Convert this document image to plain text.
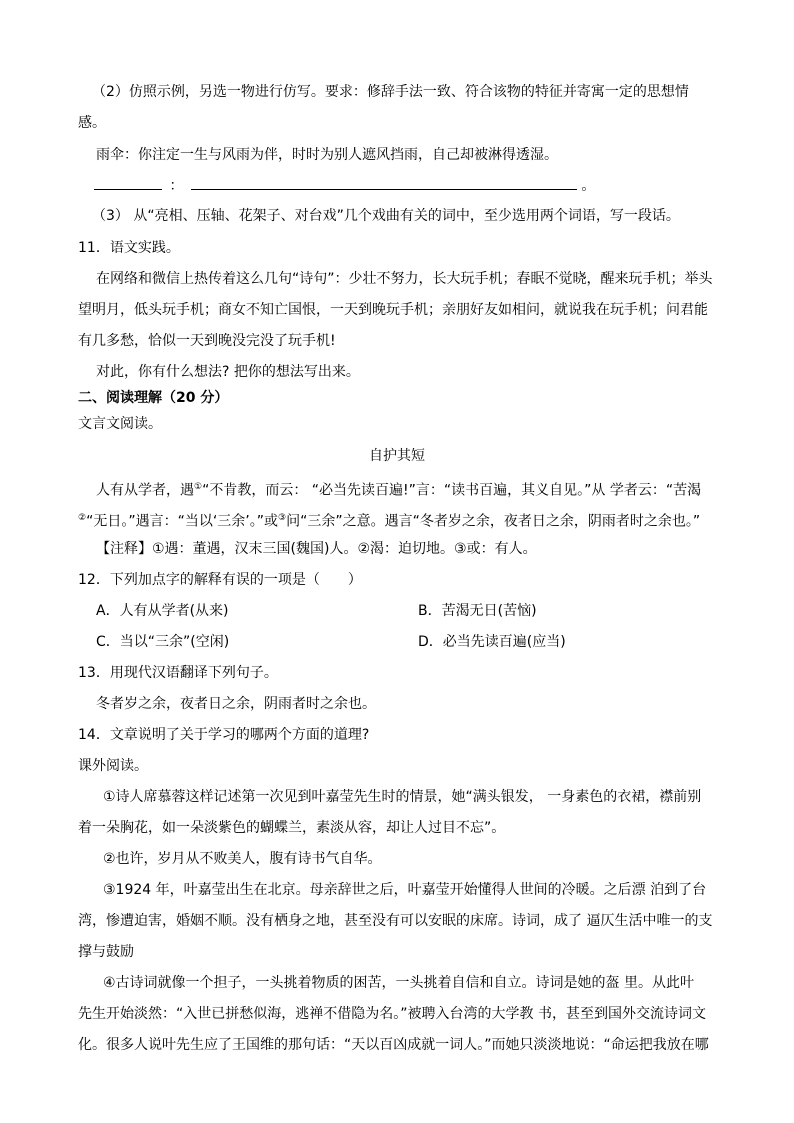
（2）仿照示例，另选一物进行仿写。要求：修辞手法一致、符合该物的特征并寄寓一定的思想情
感。
雨伞：你注定一生与风雨为伴，时时为别人遮风挡雨，自己却被淋得透湿。
：	。
（3） 从“亮相、压轴、花架子、对台戏”几个戏曲有关的词中，至少选用两个词语，写一段话。
11．语文实践。
在网络和微信上热传着这么几句“诗句”：少壮不努力，长大玩手机；春眠不觉晓，醒来玩手机；举头
望明月，低头玩手机；商女不知亡国恨，一天到晚玩手机；亲朋好友如相问，就说我在玩手机；问君能
有几多愁，恰似一天到晚没完没了玩手机!
对此，你有什么想法? 把你的想法写出来。
二、阅读理解（20 分）
文言文阅读。
自护其短
人有从学者，遇①“不肯教，而云： “必当先读百遍!”言：“读书百遍，其义自见。”从 学者云：“苦渴
②“无日。”遇言：“当以‘三余’。”或③问“三余”之意。遇言“冬者岁之余，夜者日之余，阴雨者时之余也。”
【注释】①遇：董遇，汉末三国(魏国)人。②渴：迫切地。③或：有人。
12．下列加点字的解释有误的一项是（　　）
A．人有从学者(从来)	B．苦渴无日(苦恼)
C．当以“三余”(空闲)	D．必当先读百遍(应当)
13．用现代汉语翻译下列句子。
冬者岁之余，夜者日之余，阴雨者时之余也。
14．文章说明了关于学习的哪两个方面的道理?
课外阅读。
①诗人席慕蓉这样记述第一次见到叶嘉莹先生时的情景，她“满头银发， 一身素色的衣裙，襟前别
着一朵胸花，如一朵淡紫色的蝴蝶兰，素淡从容，却让人过目不忘”。
②也许，岁月从不败美人，腹有诗书气自华。
③1924 年，叶嘉莹出生在北京。母亲辞世之后，叶嘉莹开始懂得人世间的冷暖。之后漂 泊到了台
湾，惨遭迫害，婚姻不顺。没有栖身之地，甚至没有可以安眠的床席。诗词，成了 逼仄生活中唯一的支
撑与鼓励
④古诗词就像一个担子，一头挑着物质的困苦，一头挑着自信和自立。诗词是她的盔 里。从此叶
先生开始淡然：“入世已拼愁似海，逃禅不借隐为名。”被聘入台湾的大学教 书，甚至到国外交流诗词文
化。很多人说叶先生应了王国维的那句话：“天以百凶成就一词人。”而她只淡淡地说：“命运把我放在哪
